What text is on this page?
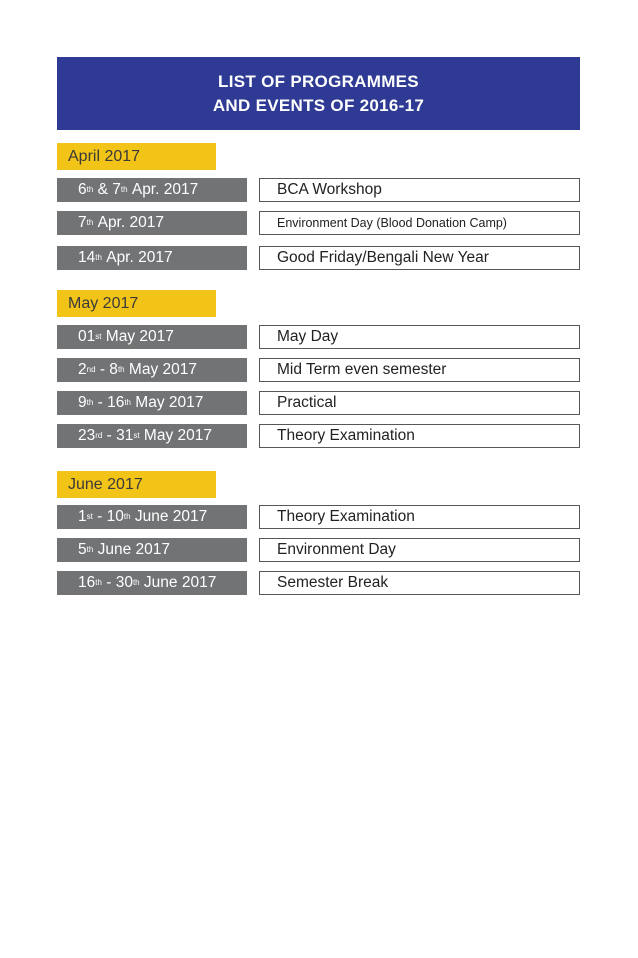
LIST OF PROGRAMMES
AND EVENTS OF 2016-17
April 2017
6 th & 7 th Apr. 2017	BCA Workshop
7 th Apr. 2017	Environment Day (Blood Donation Camp)
14 th Apr. 2017	Good Friday/Bengali New Year
May 2017
01 st May 2017	May Day
2 nd - 8 th May 2017	Mid Term even semester
9 th - 16 th May 2017	Practical
23 rd - 31 st May 2017	Theory Examination
June 2017
1 st - 10 th June 2017	Theory Examination
5 th June 2017	Environment Day
16 th - 30 th June 2017	Semester Break
